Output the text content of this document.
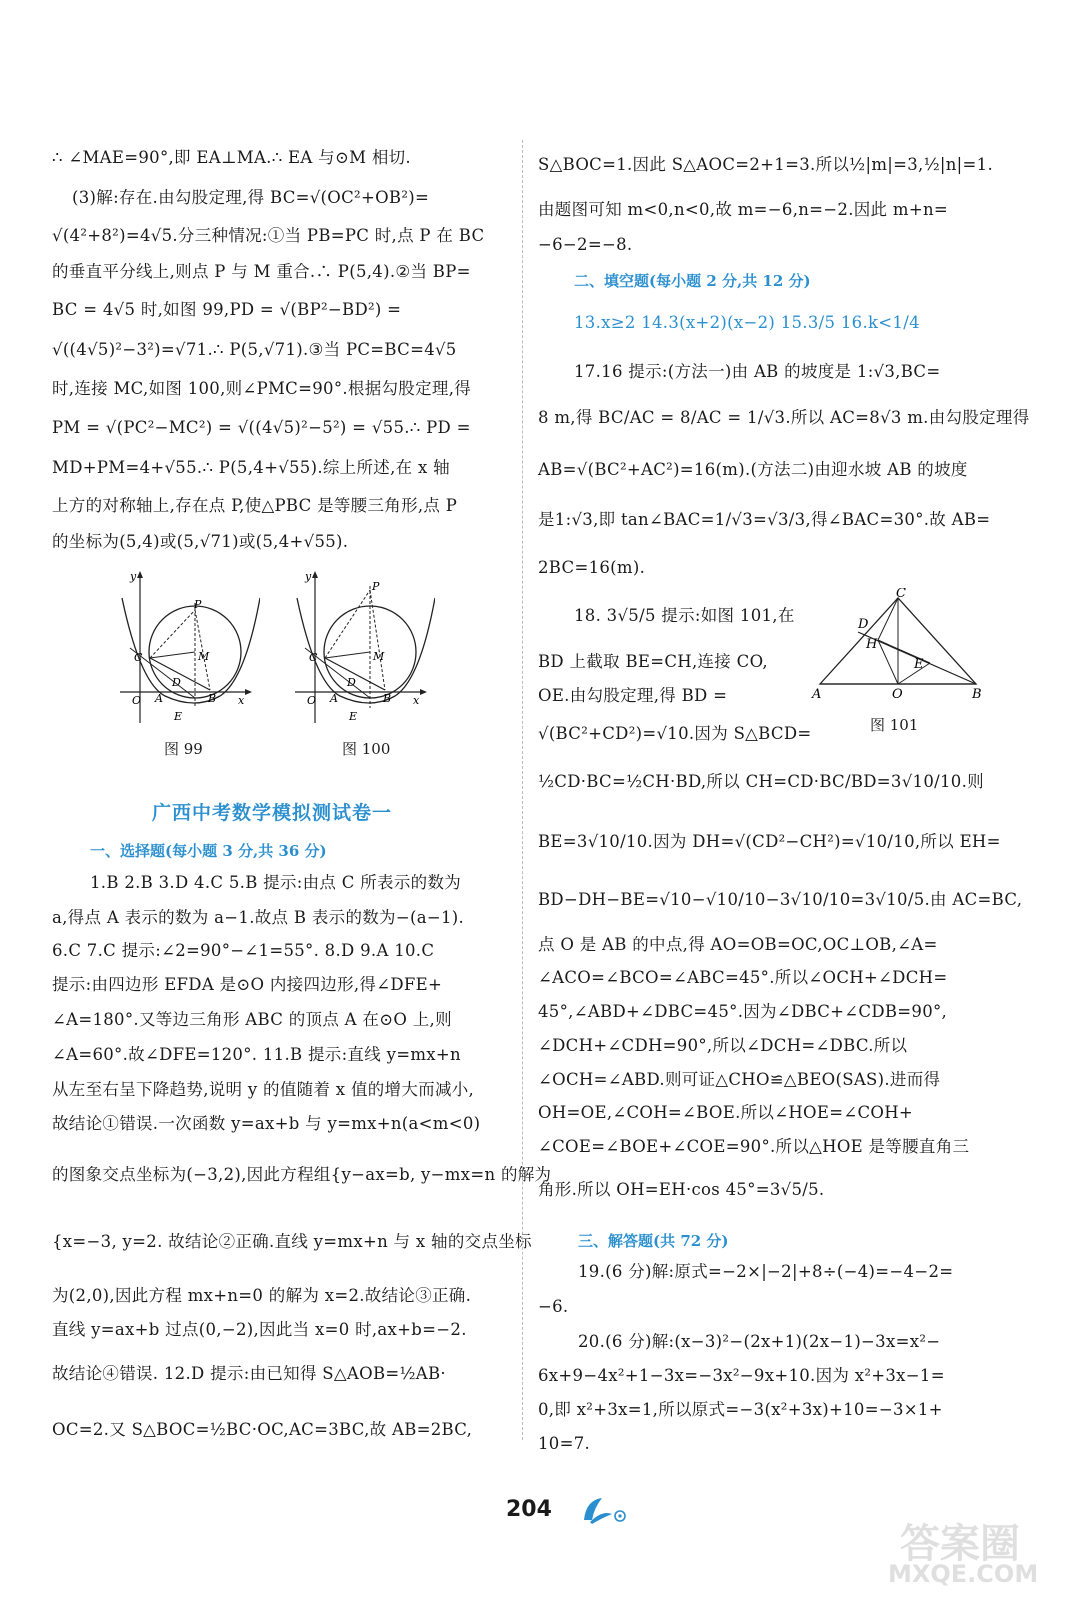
∴ ∠MAE=90°,即 EA⊥MA.∴ EA 与⊙M 相切.
(3)解:存在.由勾股定理,得 BC=√(OC²+OB²)=
√(4²+8²)=4√5.分三种情况:①当 PB=PC 时,点 P 在 BC
的垂直平分线上,则点 P 与 M 重合.∴ P(5,4).②当 BP=
BC = 4√5 时,如图 99,PD = √(BP²−BD²) =
√((4√5)²−3²)=√71.∴ P(5,√71).③当 PC=BC=4√5
时,连接 MC,如图 100,则∠PMC=90°.根据勾股定理,得
PM = √(PC²−MC²) = √((4√5)²−5²) = √55.∴ PD =
MD+PM=4+√55.∴ P(5,4+√55).综上所述,在 x 轴
上方的对称轴上,存在点 P,使△PBC 是等腰三角形,点 P
的坐标为(5,4)或(5,√71)或(5,4+√55).
y
x
O
P
M
C
D
A	B
E
图 99
y
x
O
P
M
C
D
A	B
E
图 100
广西中考数学模拟测试卷一
一、选择题(每小题 3 分,共 36 分)
1.B 2.B 3.D 4.C 5.B 提示:由点 C 所表示的数为
a,得点 A 表示的数为 a−1.故点 B 表示的数为−(a−1).
6.C 7.C 提示:∠2=90°−∠1=55°. 8.D 9.A 10.C
提示:由四边形 EFDA 是⊙O 内接四边形,得∠DFE+
∠A=180°.又等边三角形 ABC 的顶点 A 在⊙O 上,则
∠A=60°.故∠DFE=120°. 11.B 提示:直线 y=mx+n
从左至右呈下降趋势,说明 y 的值随着 x 值的增大而减小,
故结论①错误.一次函数 y=ax+b 与 y=mx+n(a<m<0)
的图象交点坐标为(−3,2),因此方程组{y−ax=b, y−mx=n 的解为
{x=−3, y=2. 故结论②正确.直线 y=mx+n 与 x 轴的交点坐标
为(2,0),因此方程 mx+n=0 的解为 x=2.故结论③正确.
直线 y=ax+b 过点(0,−2),因此当 x=0 时,ax+b=−2.
故结论④错误. 12.D 提示:由已知得 S△AOB=½AB·
OC=2.又 S△BOC=½BC·OC,AC=3BC,故 AB=2BC,
S△BOC=1.因此 S△AOC=2+1=3.所以½|m|=3,½|n|=1.
由题图可知 m<0,n<0,故 m=−6,n=−2.因此 m+n=
−6−2=−8.
二、填空题(每小题 2 分,共 12 分)
13.x≥2 14.3(x+2)(x−2) 15.3/5 16.k<1/4
17.16 提示:(方法一)由 AB 的坡度是 1:√3,BC=
8 m,得 BC/AC = 8/AC = 1/√3.所以 AC=8√3 m.由勾股定理得
AB=√(BC²+AC²)=16(m).(方法二)由迎水坡 AB 的坡度
是1:√3,即 tan∠BAC=1/√3=√3/3,得∠BAC=30°.故 AB=
2BC=16(m).
18. 3√5/5 提示:如图 101,在
BD 上截取 BE=CH,连接 CO,
OE.由勾股定理,得 BD =
√(BC²+CD²)=√10.因为 S△BCD=
C
D
H
E
A	O	B
图 101
½CD·BC=½CH·BD,所以 CH=CD·BC/BD=3√10/10.则
BE=3√10/10.因为 DH=√(CD²−CH²)=√10/10,所以 EH=
BD−DH−BE=√10−√10/10−3√10/10=3√10/5.由 AC=BC,
点 O 是 AB 的中点,得 AO=OB=OC,OC⊥OB,∠A=
∠ACO=∠BCO=∠ABC=45°.所以∠OCH+∠DCH=
45°,∠ABD+∠DBC=45°.因为∠DBC+∠CDB=90°,
∠DCH+∠CDH=90°,所以∠DCH=∠DBC.所以
∠OCH=∠ABD.则可证△CHO≌△BEO(SAS).进而得
OH=OE,∠COH=∠BOE.所以∠HOE=∠COH+
∠COE=∠BOE+∠COE=90°.所以△HOE 是等腰直角三
角形.所以 OH=EH·cos 45°=3√5/5.
三、解答题(共 72 分)
19.(6 分)解:原式=−2×|−2|+8÷(−4)=−4−2=
−6.
20.(6 分)解:(x−3)²−(2x+1)(2x−1)−3x=x²−
6x+9−4x²+1−3x=−3x²−9x+10.因为 x²+3x−1=
0,即 x²+3x=1,所以原式=−3(x²+3x)+10=−3×1+
10=7.
204
答案圈
MXQE.COM
